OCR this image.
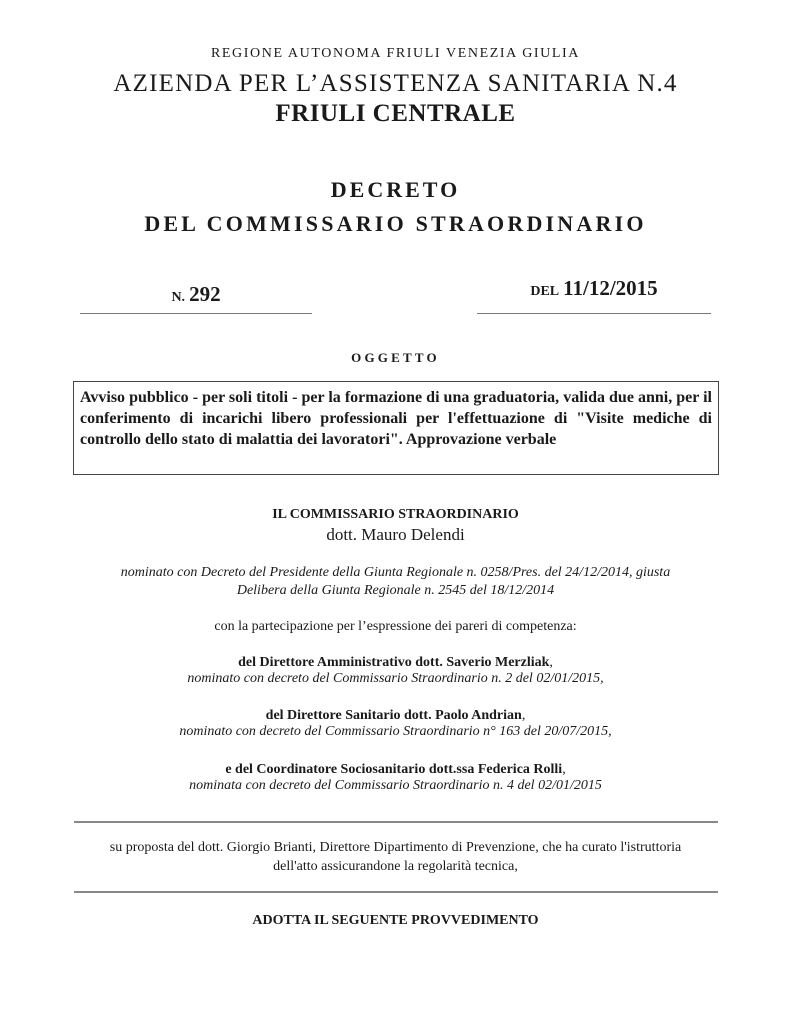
REGIONE AUTONOMA FRIULI VENEZIA GIULIA
AZIENDA PER L’ASSISTENZA SANITARIA N.4
FRIULI CENTRALE
DECRETO
DEL COMMISSARIO STRAORDINARIO
N. 292	DEL 11/12/2015
OGGETTO
Avviso pubblico - per soli titoli - per la formazione di una graduatoria, valida due anni, per il conferimento di incarichi libero professionali per l'effettuazione di "Visite mediche di controllo dello stato di malattia dei lavoratori". Approvazione verbale
IL COMMISSARIO STRAORDINARIO
dott. Mauro Delendi
nominato con Decreto del Presidente della Giunta Regionale n. 0258/Pres. del 24/12/2014, giusta
Delibera della Giunta Regionale n. 2545 del 18/12/2014
con la partecipazione per l’espressione dei pareri di competenza:
del Direttore Amministrativo dott. Saverio Merzliak,
nominato con decreto del Commissario Straordinario n. 2 del 02/01/2015,
del Direttore Sanitario dott. Paolo Andrian,
nominato con decreto del Commissario Straordinario n° 163 del 20/07/2015,
e del Coordinatore Sociosanitario dott.ssa Federica Rolli,
nominata con decreto del Commissario Straordinario n. 4 del 02/01/2015
su proposta del dott. Giorgio Brianti, Direttore Dipartimento di Prevenzione, che ha curato l'istruttoria
dell'atto assicurandone la regolarità tecnica,
ADOTTA IL SEGUENTE PROVVEDIMENTO
